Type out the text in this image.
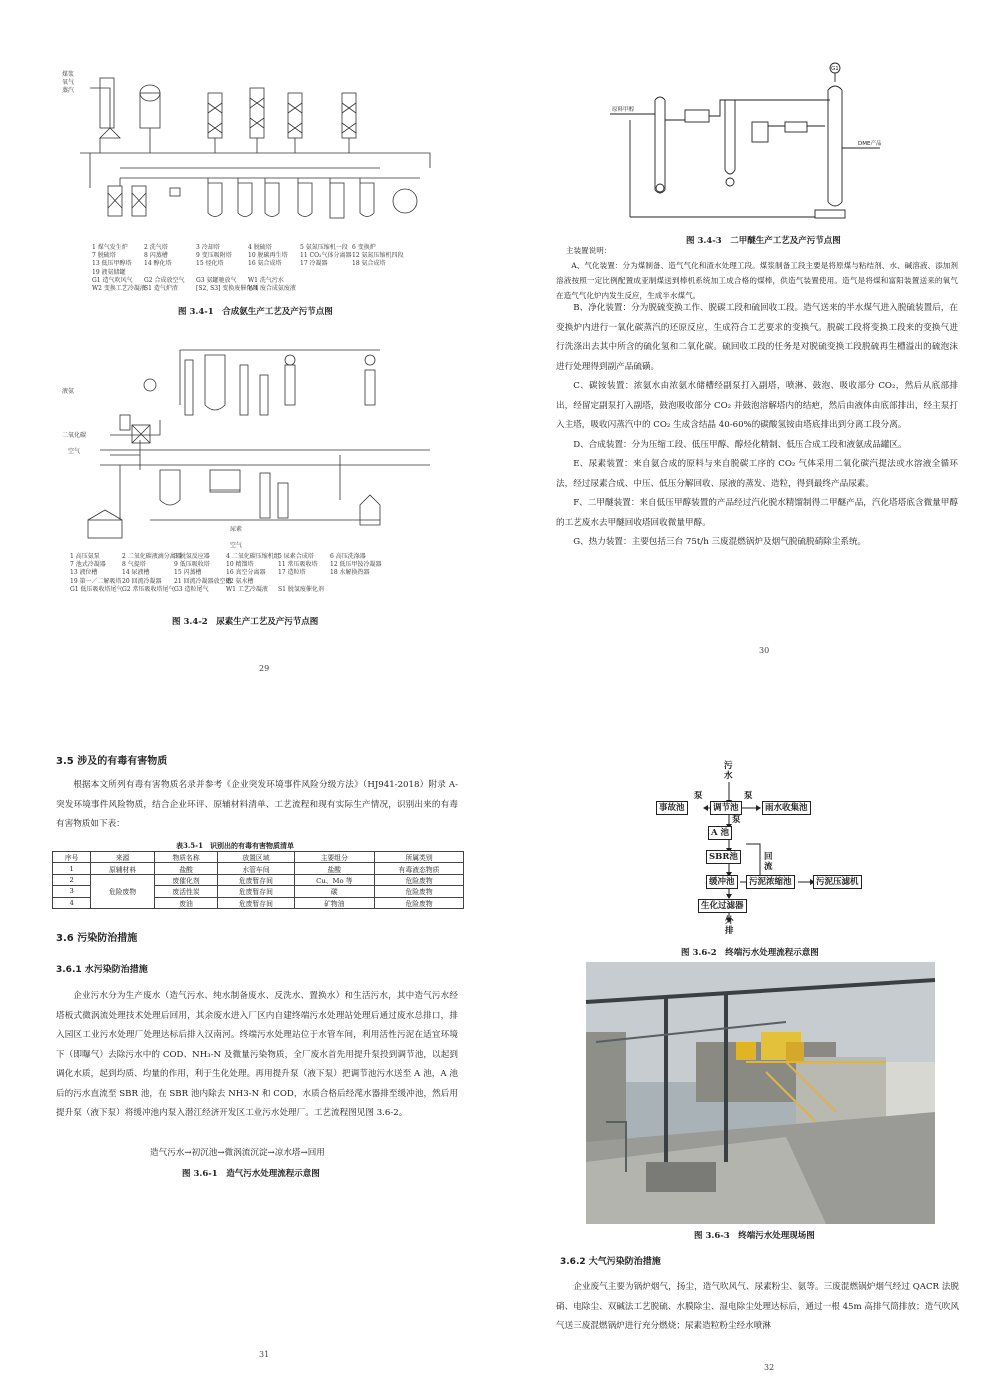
煤浆
氧气
蒸汽
1 煤气发生炉	2 洗气塔	3 冷却塔	4 脱硫塔	5 氨氮压缩机一段 6 变换炉
7 脱硫塔	8 闪蒸槽	9 变压吸附塔	10 脱碳再生塔	11 CO₂气体分离器 12 氨氮压缩机四段
13 低压甲醇塔	14 醇化塔	15 烃化塔	16 氨合成塔	17 冷凝器	18 氨合成塔
19 液氨储罐
G1 造气吹风气	G2 合成放空气	G3 氨罐驰放气	W1 洗气污水
W2 变换工艺冷凝液
S1 造气炉渣	[S2, S3] 变换废催化剂
W4 废合成氨废液
图 3.4-1　合成氨生产工艺及产污节点图
液氨
二氧化碳
空气
尿素
空气
1 高压氨泵	2 二氧化碳液滴分离器
3 脱氢反应器	4 二氧化碳压缩机组
5 尿素合成塔	6 高压洗涤器
7 池式冷凝器	8 气提塔	9 低压吸收塔	10 精馏塔	11 常压吸收塔	12 低压甲铵冷凝器
13 液位槽	14 尿液槽	15 闪蒸槽	16 真空分离器	17 造粒塔	18 水解换热器
19 第一／二解吸塔 20 回流冷凝器	21 回流冷凝器放空槽
22 氨水槽
G1 低压吸收塔尾气 G2 常压吸收塔尾气 G3 造粒尾气	W1 工艺冷凝液	S1 脱氢废催化剂
图 3.4-2　尿素生产工艺及产污节点图
29
原料甲醇
DME产品
G1
图 3.4-3　二甲醚生产工艺及产污节点图
主装置说明：

A、气化装置：分为煤制备、造气气化和渣水处理工段。煤浆制备工段主要是将原煤与粘结剂、水、碱溶液、添加剂溶液按照一定比例配置成亚制煤送到棒机系统加工成合格的煤棒，供造气装置使用。造气是将煤和富阳装置送来的氧气在造气气化炉内发生反应，生成半水煤气。

B、净化装置：分为脱硫变换工作、脱碳工段和硫回收工段。造气送来的半水煤气进入脱硫装置后，在变换炉内进行一氧化碳蒸汽的还原反应，生成符合工艺要求的变换气。脱碳工段将变换工段来的变换气进行洗涤出去其中所含的硫化氢和二氧化碳。硫回收工段的任务是对脱硫变换工段脱硫再生槽溢出的硫泡沫进行处理得到副产品硫磺。

C、碳铵装置：浓氨水由浓氨水储槽经副泵打入副塔，喷淋、鼓泡、吸收部分 CO₂，然后从底部排出，经留定副泵打入副塔，鼓泡吸收部分 CO₂ 并鼓泡溶解塔内的结疤，然后由液体由底部排出，经主泵打入主塔，吸收闪蒸汽中的 CO₂ 生成含结晶 40-60%的碳酸氢铵由塔底排出到分离工段分离。

D、合成装置：分为压缩工段、低压甲醇、醇烃化精制、低压合成工段和液氨成品罐区。

E、尿素装置：来自氨合成的原料与来自脱碳工序的 CO₂ 气体采用二氧化碳汽提法或水溶液全循环法，经过尿素合成、中压、低压分解回收、尿液的蒸发、造粒，得到最终产品尿素。

F、二甲醚装置：来自低压甲醇装置的产品经过汽化脱水精馏制得二甲醚产品，汽化塔塔底含微量甲醇的工艺废水去甲醚回收塔回收微量甲醇。

G、热力装置：主要包括三台 75t/h 三废混燃锅炉及烟气脱硫脱硝除尘系统。

30
3.5 涉及的有毒有害物质

根据本文所列有毒有害物质名录并参考《企业突发环境事件风险分级方法》（HJ941-2018）附录 A-突发环境事件风险物质，结合企业环评、原辅材料清单、工艺流程和现有实际生产情况，识别出来的有毒有害物质如下表：

表3.5-1　识别出的有毒有害物质清单
序号	来源	物质名称	放置区域	主要组分	所属类别
1	原辅材料	盐酸	水管车间	盐酸	有毒液态物质
2	危险废物	废催化剂	危废暂存间	Cu、Mo 等	危险废物
3		废活性炭	危废暂存间	碳	危险废物
4		废油	危废暂存间	矿物油	危险废物
3.6 污染防治措施
3.6.1 水污染防治措施

企业污水分为生产废水（造气污水、纯水制备废水、反洗水、置换水）和生活污水，其中造气污水经塔板式微涡流处理技术处理后回用，其余废水进入厂区内自建终端污水处理站处理后通过废水总排口，排入园区工业污水处理厂处理达标后排入汉南河。终端污水处理站位于水管车间，利用活性污泥在适宜环境下（即曝气）去除污水中的 COD、NH₃-N 及微量污染物质，全厂废水首先用提升泵投到调节池，以起到调化水质，起到均质、均量的作用，利于生化处理。再用提升泵（液下泵）把调节池污水送至 A 池，A 池后的污水直流至 SBR 池，在 SBR 池内除去 NH3-N 和 COD，水质合格后经滗水器排至缓冲池，然后用提升泵（液下泵）将缓冲池内泵入潜江经济开发区工业污水处理厂。工艺流程图见图 3.6-2。

造气污水→初沉池→微涡流沉淀→凉水塔→回用
图 3.6-1　造气污水处理流程示意图
31
污水
事故池	调节池	雨水收集池
泵	泵
A 池
泵
SBR池	回流
缓冲池	污泥浓缩池	污泥压滤机
生化过滤器
外排
图 3.6-2　终端污水处理流程示意图
32
图 3.6-3　终端污水处理现场图
3.6.2 大气污染防治措施

企业废气主要为锅炉烟气，扬尘，造气吹风气、尿素粉尘、氨等。三废混燃锅炉烟气经过 QACR 法脱硝、电除尘、双碱法工艺脱硫、水膜除尘、湿电除尘处理达标后，通过一根 45m 高排气筒排放；造气吹风气送三废混燃锅炉进行充分燃烧；尿素造粒粉尘经水喷淋
